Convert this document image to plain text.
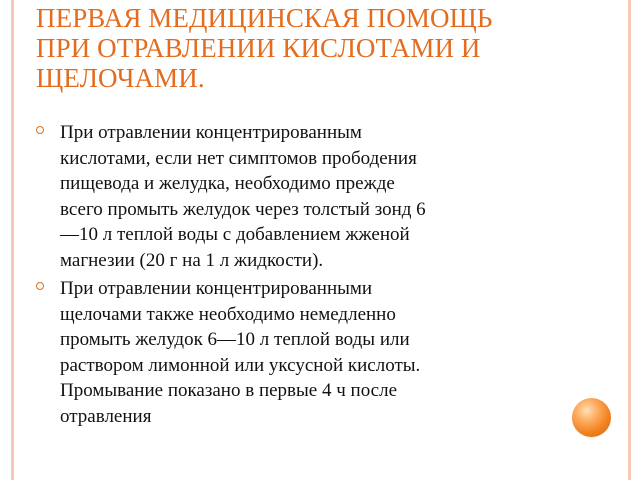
ПЕРВАЯ МЕДИЦИНСКАЯ ПОМОЩЬ
ПРИ ОТРАВЛЕНИИ КИСЛОТАМИ И
ЩЕЛОЧАМИ.
При отравлении концентрированным
кислотами, если нет симптомов прободения
пищевода и желудка, необходимо прежде
всего промыть желудок через толстый зонд 6
—10 л теплой воды с добавлением жженой
магнезии (20 г на 1 л жидкости).
При отравлении концентрированными
щелочами также необходимо немедленно
промыть желудок 6—10 л теплой воды или
раствором лимонной или уксусной кислоты.
Промывание показано в первые 4 ч после
отравления
